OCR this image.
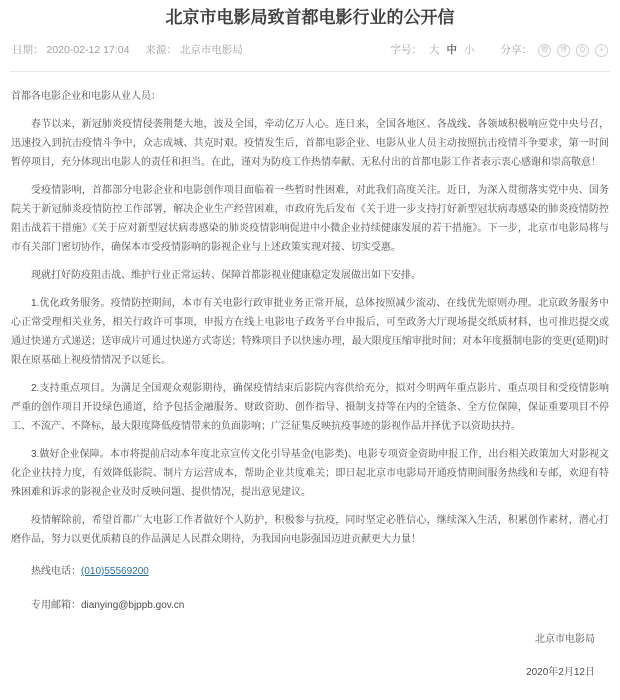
北京市电影局致首都电影行业的公开信
日期： 2020-02-12 17:04 来源： 北京市电影局	字号： 大 中 小 分享： 微 博 Q +

首都各电影企业和电影从业人员：

春节以来，新冠肺炎疫情侵袭荆楚大地，波及全国，牵动亿万人心。连日来，全国各地区、各战线、各领域积极响应党中央号召，迅速投入到抗击疫情斗争中，众志成城、共克时艰。疫情发生后，首都电影企业、电影从业人员主动按照抗击疫情斗争要求，第一时间暂停项目，充分体现出电影人的责任和担当。在此，谨对为防疫工作热情奉献、无私付出的首都电影工作者表示衷心感谢和崇高敬意！

受疫情影响，首都部分电影企业和电影创作项目面临着一些暂时性困难，对此我们高度关注。近日，为深入贯彻落实党中央、国务院关于新冠肺炎疫情防控工作部署，解决企业生产经营困难，市政府先后发布《关于进一步支持打好新型冠状病毒感染的肺炎疫情防控阻击战若干措施》《关于应对新型冠状病毒感染的肺炎疫情影响促进中小微企业持续健康发展的若干措施》。下一步，北京市电影局将与市有关部门密切协作，确保本市受疫情影响的影视企业与上述政策实现对接、切实受惠。

现就打好防疫阻击战、维护行业正常运转、保障首都影视业健康稳定发展做出如下安排。

1.优化政务服务。疫情防控期间，本市有关电影行政审批业务正常开展，总体按照减少流动、在线优先原则办理。北京政务服务中心正常受理相关业务，相关行政许可事项，申报方在线上电影电子政务平台申报后，可至政务大厅现场提交纸质材料，也可推迟提交或通过快递方式递送；送审成片可通过快递方式寄送；特殊项目予以快速办理，最大限度压缩审批时间；对本年度摄制电影的变更(延期)时限在原基础上视疫情情况予以延长。

2.支持重点项目。为满足全国观众观影期待，确保疫情结束后影院内容供给充分，拟对今明两年重点影片、重点项目和受疫情影响严重的创作项目开设绿色通道，给予包括金融服务、财政资助、创作指导、摄制支持等在内的全链条、全方位保障，保证重要项目不停工、不流产、不降标，最大限度降低疫情带来的负面影响；广泛征集反映抗疫事迹的影视作品并择优予以资助扶持。

3.做好企业保障。本市将提前启动本年度北京宣传文化引导基金(电影类)、电影专项资金资助申报工作，出台相关政策加大对影视文化企业扶持力度，有效降低影院、制片方运营成本，帮助企业共度难关；即日起北京市电影局开通疫情期间服务热线和专邮，欢迎有特殊困难和诉求的影视企业及时反映问题、提供情况，提出意见建议。

疫情解除前，希望首都广大电影工作者做好个人防护，积极参与抗疫，同时坚定必胜信心，继续深入生活，积累创作素材，潜心打磨作品，努力以更优质精良的作品满足人民群众期待，为我国向电影强国迈进贡献更大力量！

热线电话：(010)55569200

专用邮箱：dianying@bjppb.gov.cn

北京市电影局
2020年2月12日
